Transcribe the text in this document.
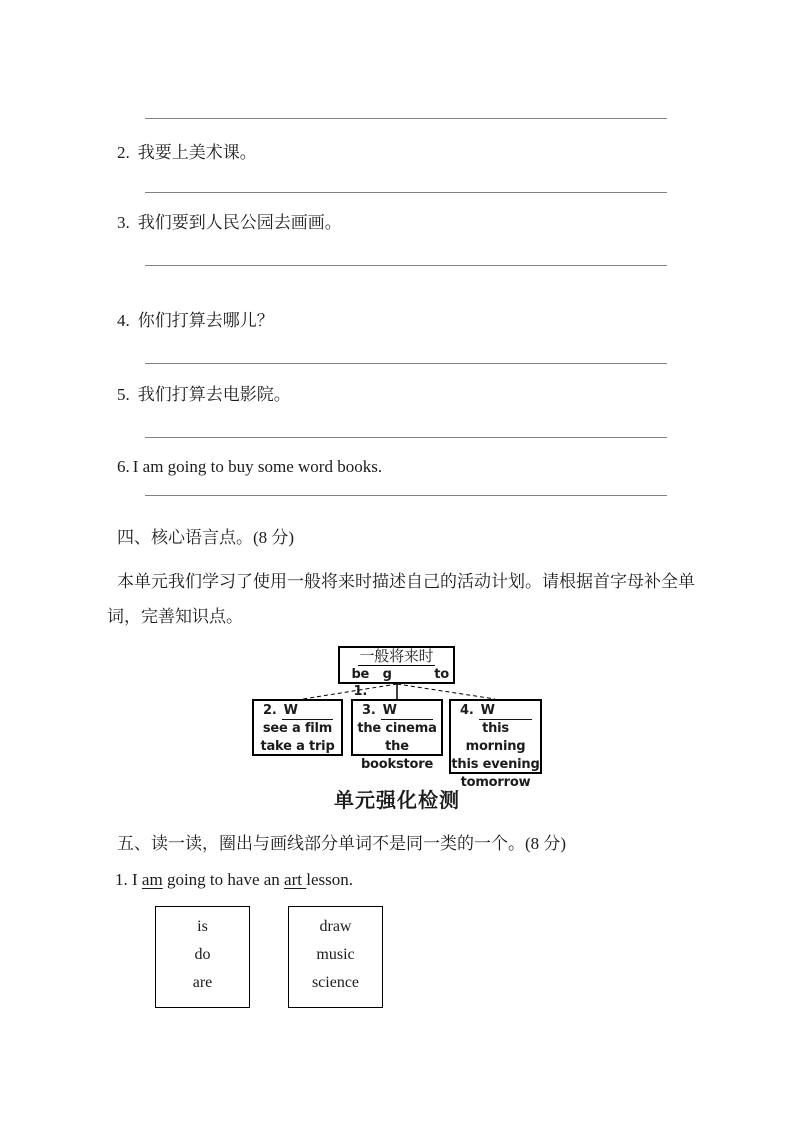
2. 我要上美术课。
3. 我们要到人民公园去画画。
4. 你们打算去哪儿？
5. 我们打算去电影院。
6. I am going to buy some word books.
四、核心语言点。(8 分)
本单元我们学习了使用一般将来时描述自己的活动计划。请根据首字母补全单
词，完善知识点。
一般将来时
be 1.
g	to
2. W
see a film
take a trip
3. W
the cinema
the bookstore
4. W
this morning
this evening
tomorrow
单元强化检测
五、读一读，圈出与画线部分单词不是同一类的一个。(8 分)
1. I am going to have an art lesson.
is
do
are
draw
music
science
